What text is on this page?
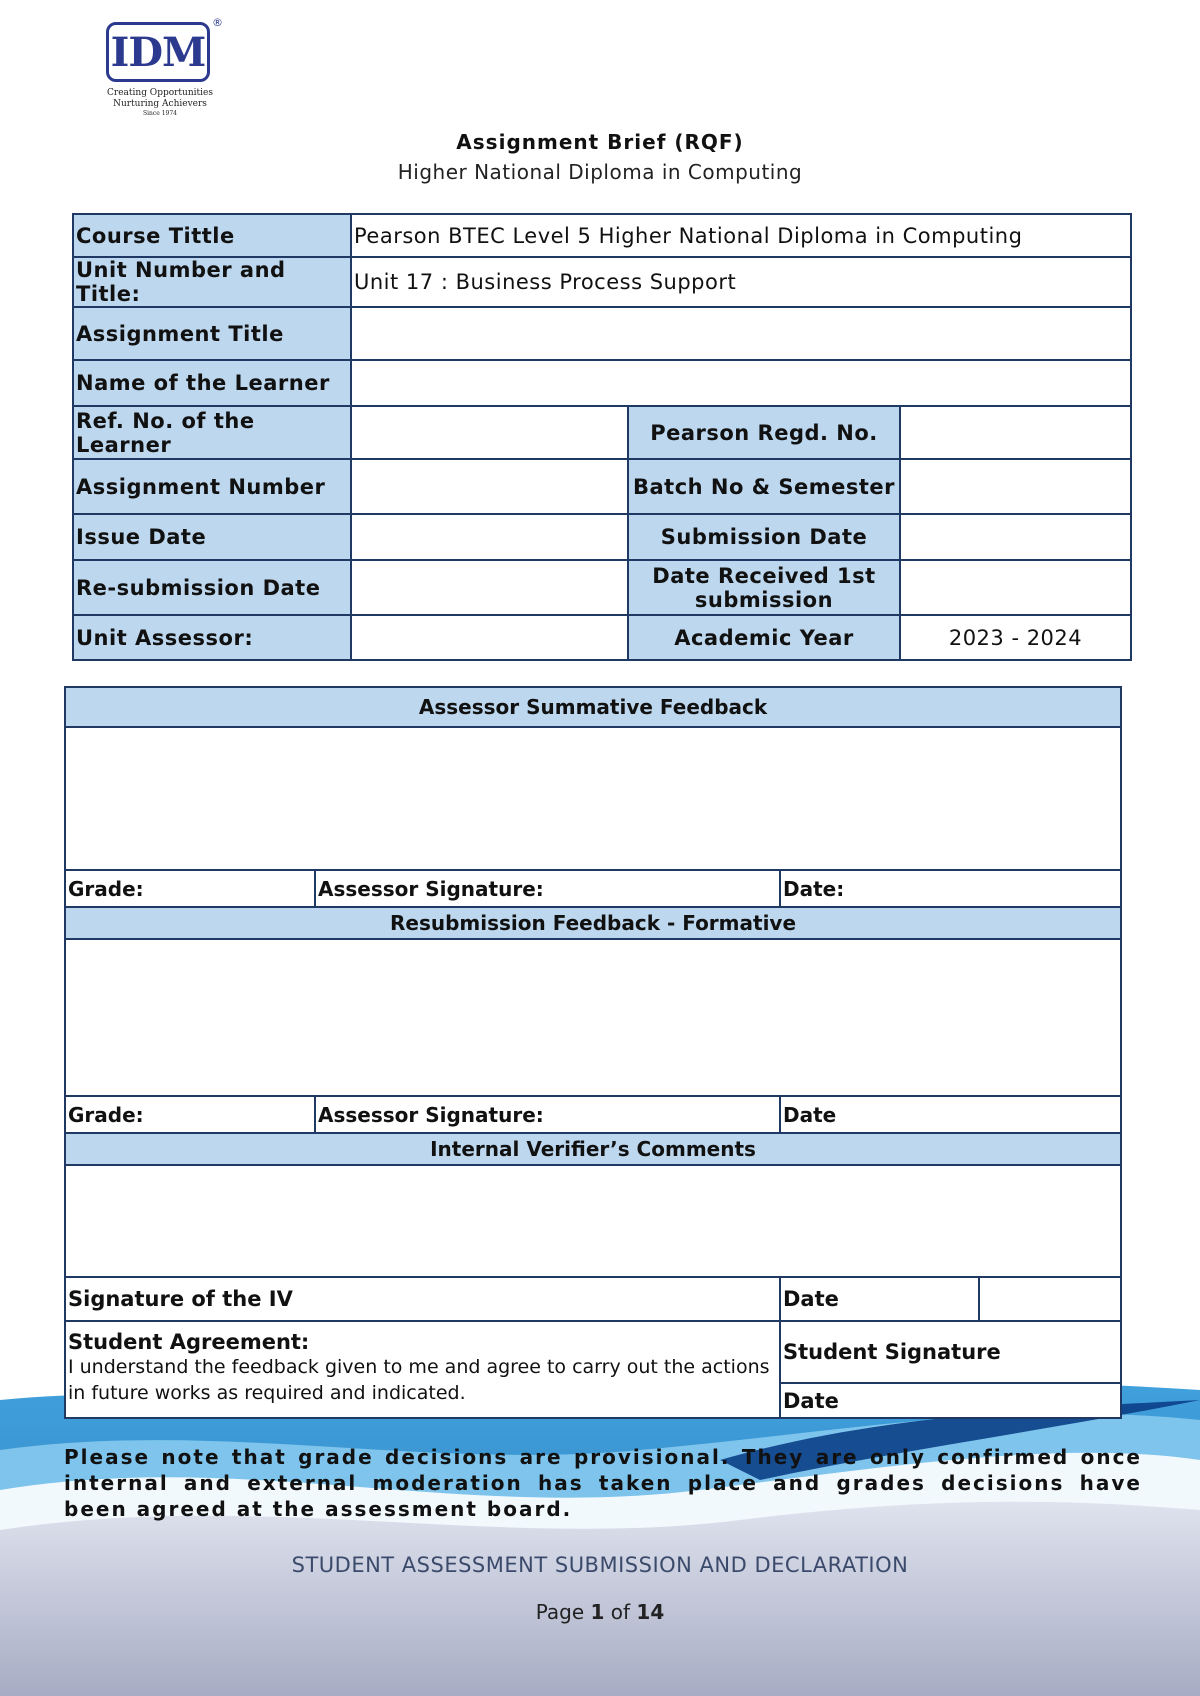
IDM
®
Creating Opportunities
Nurturing Achievers
Since 1974
Assignment Brief (RQF)
Higher National Diploma in Computing
Course Tittle	Pearson BTEC Level 5 Higher National Diploma in Computing		
Unit Number and Title:	Unit 17 : Business Process Support		
Assignment Title			
Name of the Learner			
Ref. No. of the Learner		Pearson Regd. No.	
Assignment Number		Batch No & Semester	
Issue Date		Submission Date	
Re-submission Date		Date Received 1st submission	
Unit Assessor:		Academic Year	2023 - 2024
Assessor Summative Feedback			

Grade:	Assessor Signature:	Date:	
Resubmission Feedback - Formative			

Grade:	Assessor Signature:	Date	
Internal Verifier’s Comments			

Signature of the IV		Date	

Student Agreement:
I understand the feedback given to me and agree to carry out the actions in future works as required and indicated.		Student Signature	
		Date	
Please note that grade decisions are provisional. They are only confirmed once internal and external moderation has taken place and grades decisions have been agreed at the assessment board.
STUDENT ASSESSMENT SUBMISSION AND DECLARATION
Page 1 of 14
